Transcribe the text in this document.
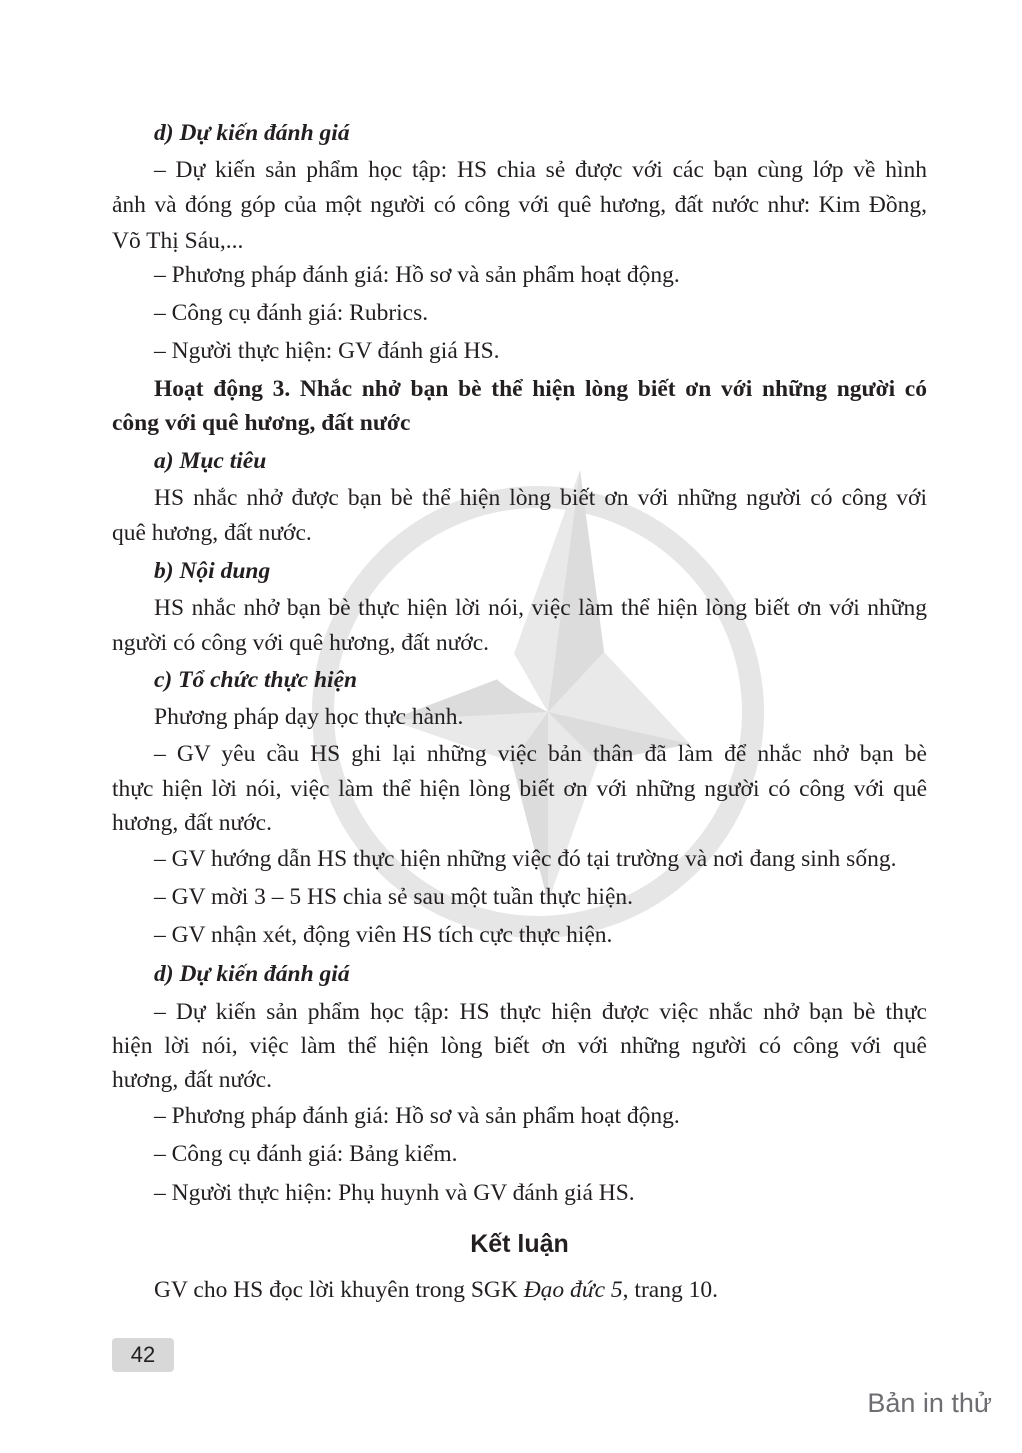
d) Dự kiến đánh giá
– Dự kiến sản phẩm học tập: HS chia sẻ được với các bạn cùng lớp về hình
ảnh và đóng góp của một người có công với quê hương, đất nước như: Kim Đồng,
Võ Thị Sáu,...
– Phương pháp đánh giá: Hồ sơ và sản phẩm hoạt động.
– Công cụ đánh giá: Rubrics.
– Người thực hiện: GV đánh giá HS.
Hoạt động 3. Nhắc nhở bạn bè thể hiện lòng biết ơn với những người có
công với quê hương, đất nước
a) Mục tiêu
HS nhắc nhở được bạn bè thể hiện lòng biết ơn với những người có công với
quê hương, đất nước.
b) Nội dung
HS nhắc nhở bạn bè thực hiện lời nói, việc làm thể hiện lòng biết ơn với những
người có công với quê hương, đất nước.
c) Tổ chức thực hiện
Phương pháp dạy học thực hành.
– GV yêu cầu HS ghi lại những việc bản thân đã làm để nhắc nhở bạn bè
thực hiện lời nói, việc làm thể hiện lòng biết ơn với những người có công với quê
hương, đất nước.
– GV hướng dẫn HS thực hiện những việc đó tại trường và nơi đang sinh sống.
– GV mời 3 – 5 HS chia sẻ sau một tuần thực hiện.
– GV nhận xét, động viên HS tích cực thực hiện.
d) Dự kiến đánh giá
– Dự kiến sản phẩm học tập: HS thực hiện được việc nhắc nhở bạn bè thực
hiện lời nói, việc làm thể hiện lòng biết ơn với những người có công với quê
hương, đất nước.
– Phương pháp đánh giá: Hồ sơ và sản phẩm hoạt động.
– Công cụ đánh giá: Bảng kiểm.
– Người thực hiện: Phụ huynh và GV đánh giá HS.
Kết luận
GV cho HS đọc lời khuyên trong SGK Đạo đức 5, trang 10.
42
Bản in thử
